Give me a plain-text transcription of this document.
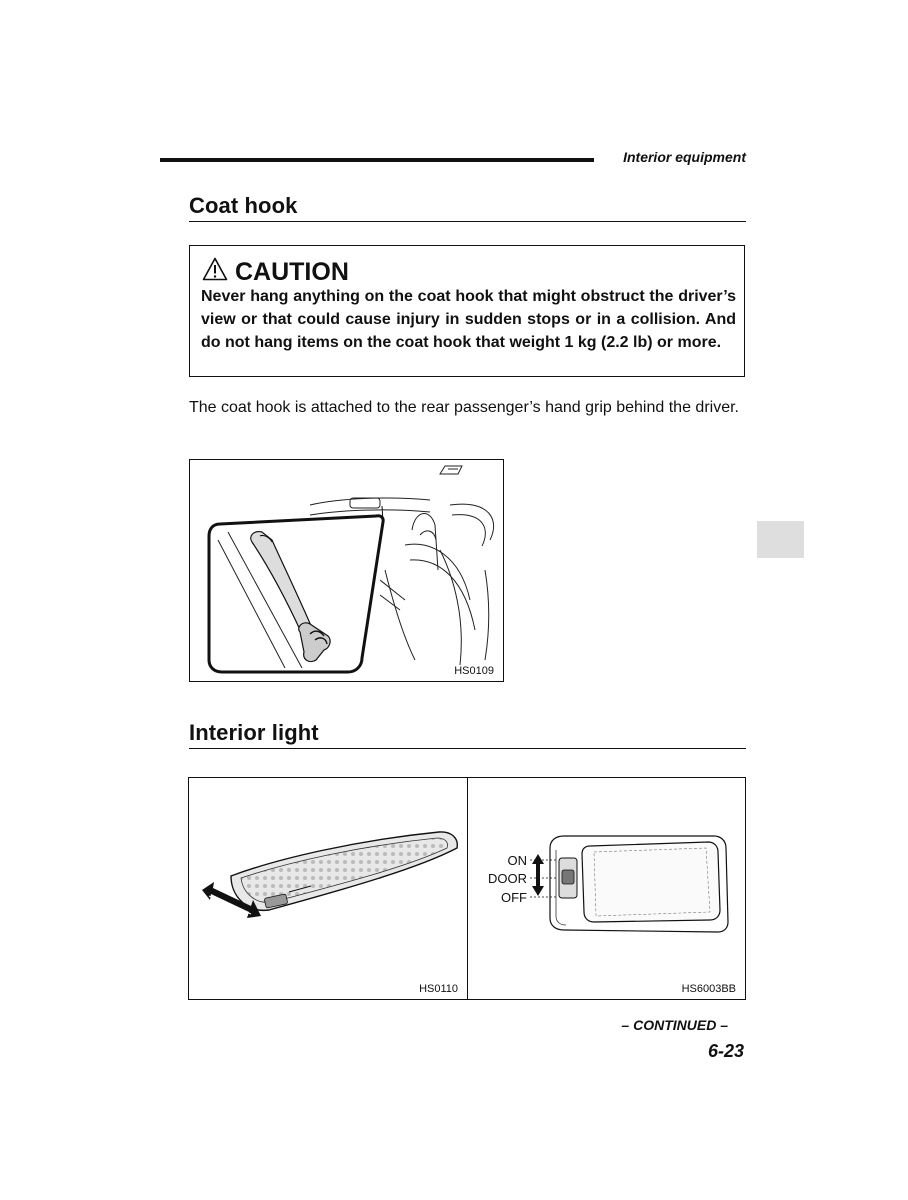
Interior equipment
Coat hook
CAUTION
Never hang anything on the coat hook that might obstruct the driver’s view or that could cause injury in sudden stops or in a collision. And do not hang items on the coat hook that weight 1 kg (2.2 lb) or more.
The coat hook is attached to the rear passenger’s hand grip behind the driver.
HS0109
Interior light
HS0110
ON
DOOR
OFF
HS6003BB
– CONTINUED –
6-23
